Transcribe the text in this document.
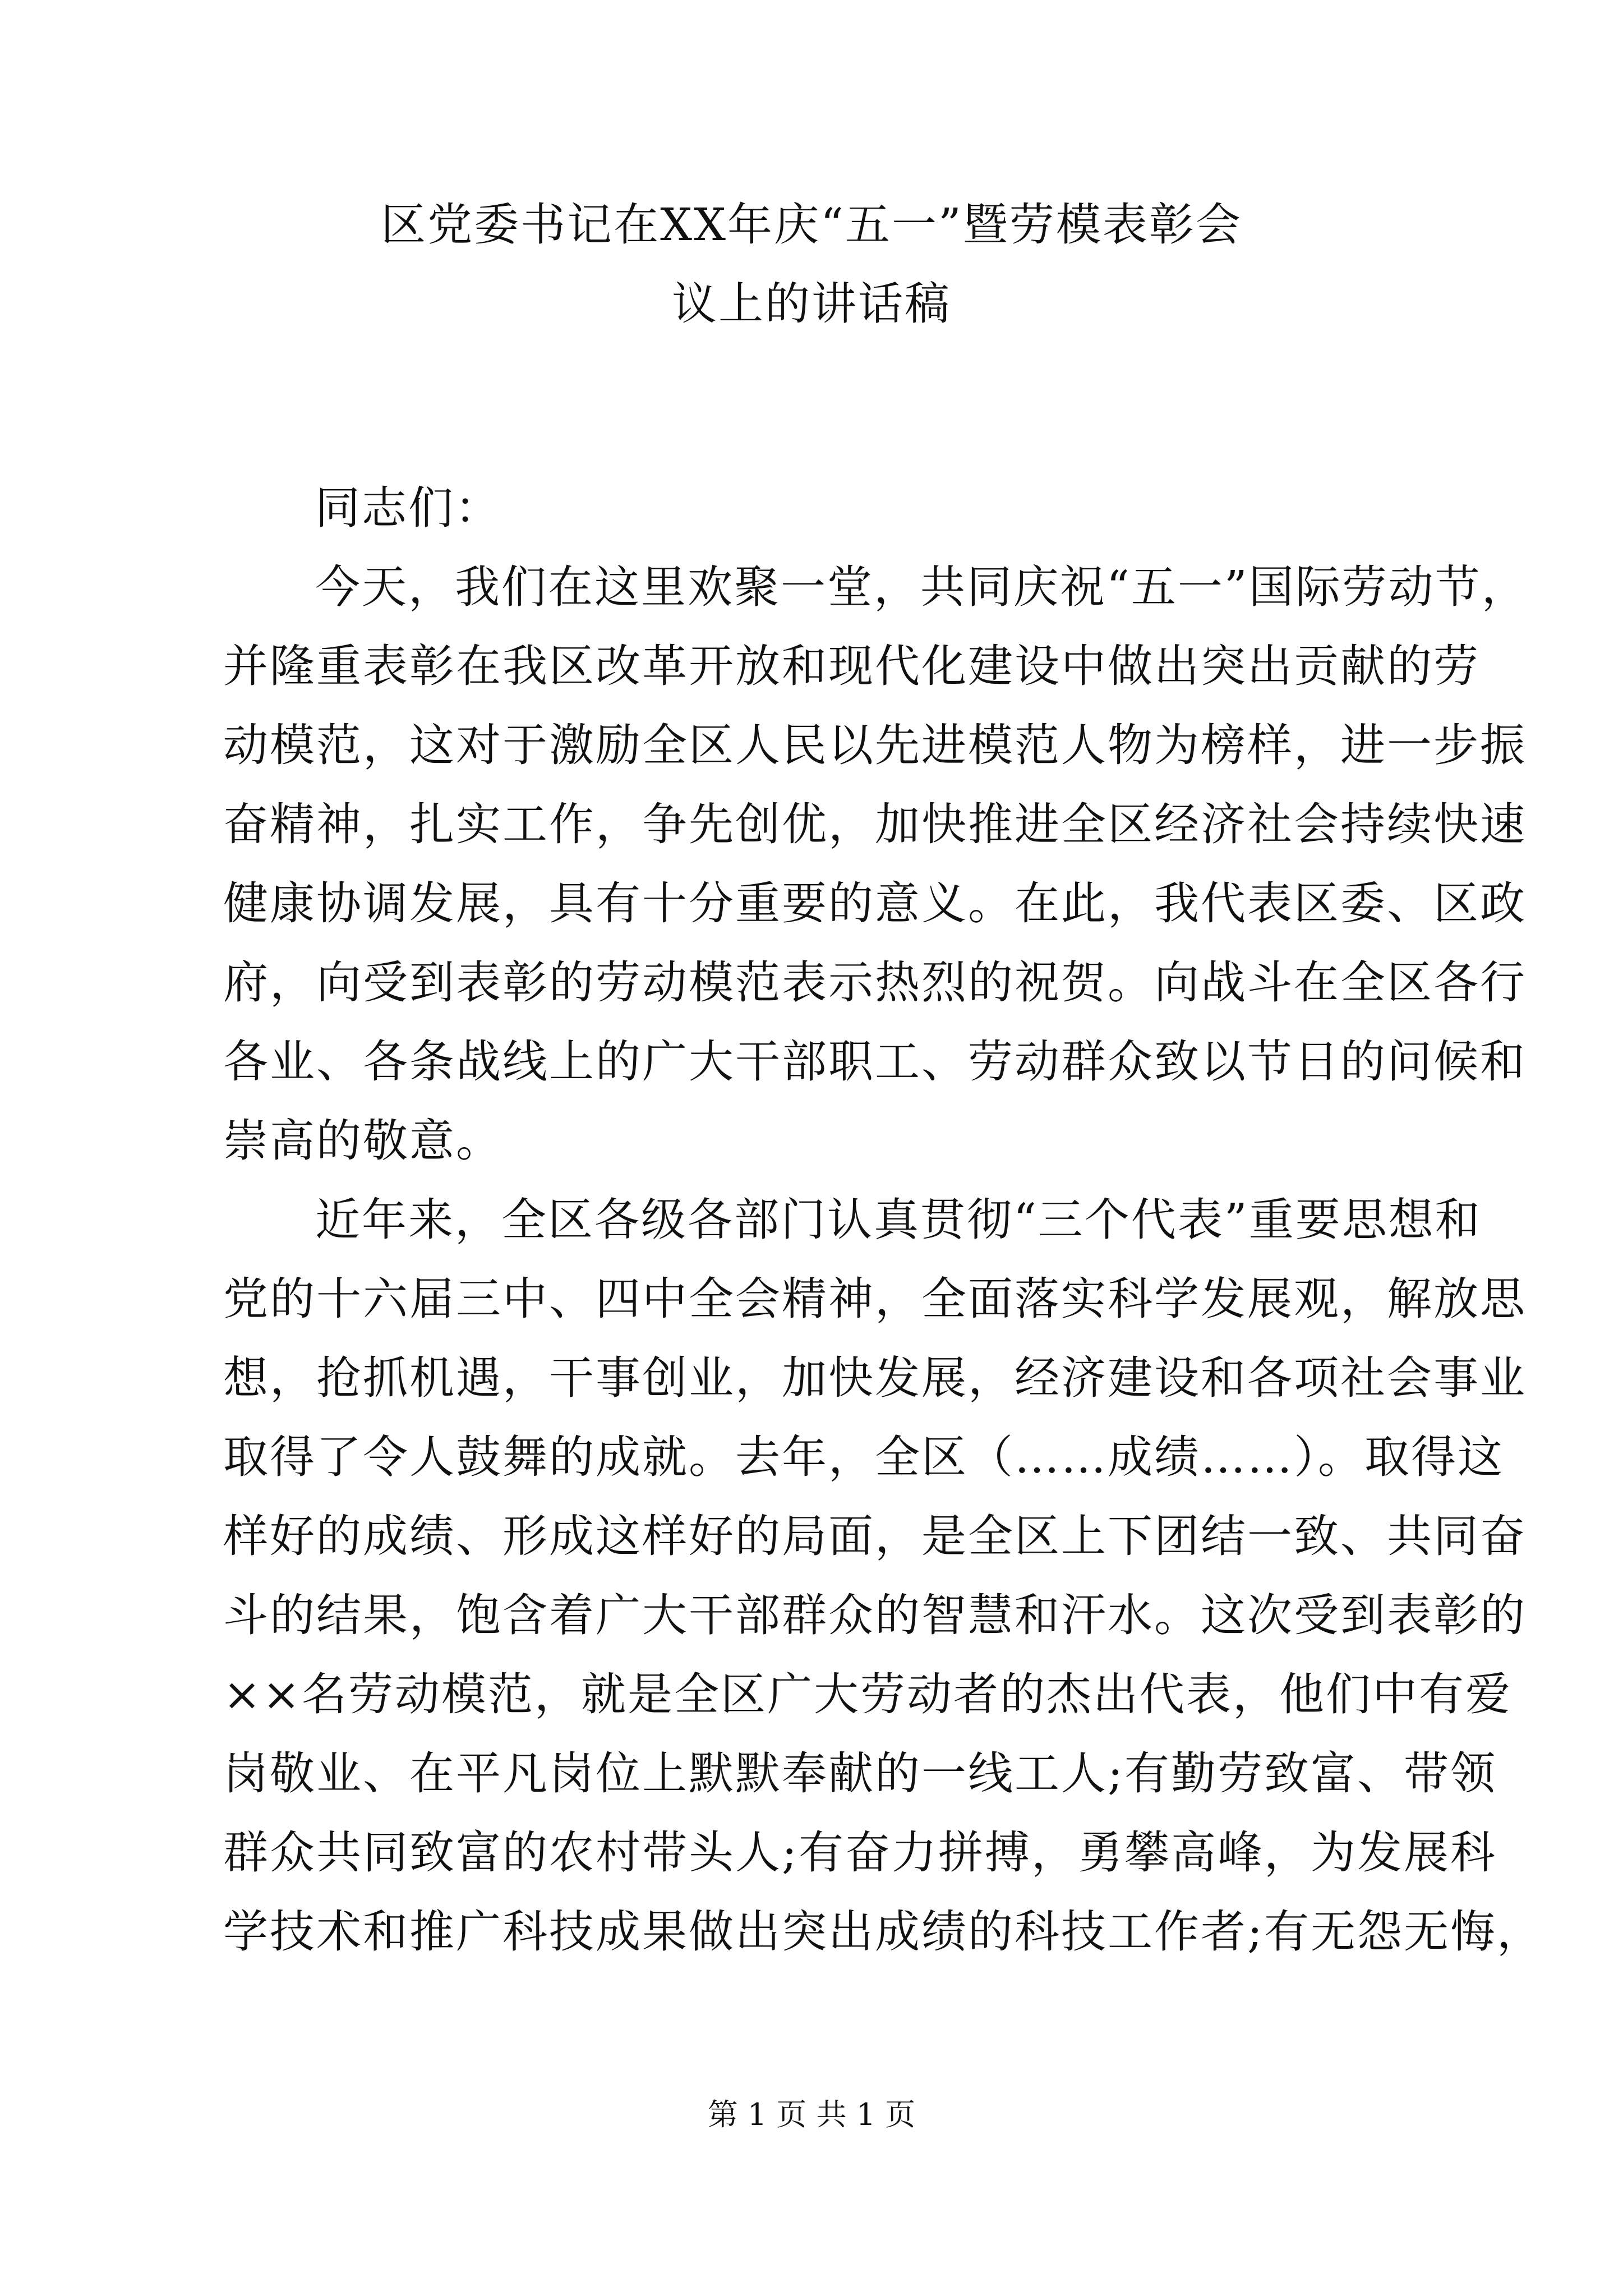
区党委书记在XX年庆“五一”暨劳模表彰会
议上的讲话稿
同志们：
今天，我们在这里欢聚一堂，共同庆祝“五一”国际劳动节，
并隆重表彰在我区改革开放和现代化建设中做出突出贡献的劳
动模范，这对于激励全区人民以先进模范人物为榜样，进一步振
奋精神，扎实工作，争先创优，加快推进全区经济社会持续快速
健康协调发展，具有十分重要的意义。在此，我代表区委、区政
府，向受到表彰的劳动模范表示热烈的祝贺。向战斗在全区各行
各业、各条战线上的广大干部职工、劳动群众致以节日的问候和
崇高的敬意。
近年来，全区各级各部门认真贯彻“三个代表”重要思想和
党的十六届三中、四中全会精神，全面落实科学发展观，解放思
想，抢抓机遇，干事创业，加快发展，经济建设和各项社会事业
取得了令人鼓舞的成就。去年，全区（……成绩……）。取得这
样好的成绩、形成这样好的局面，是全区上下团结一致、共同奋
斗的结果，饱含着广大干部群众的智慧和汗水。这次受到表彰的
××名劳动模范，就是全区广大劳动者的杰出代表，他们中有爱
岗敬业、在平凡岗位上默默奉献的一线工人;有勤劳致富、带领
群众共同致富的农村带头人;有奋力拼搏，勇攀高峰，为发展科
学技术和推广科技成果做出突出成绩的科技工作者;有无怨无悔，
第 1 页 共 1 页
